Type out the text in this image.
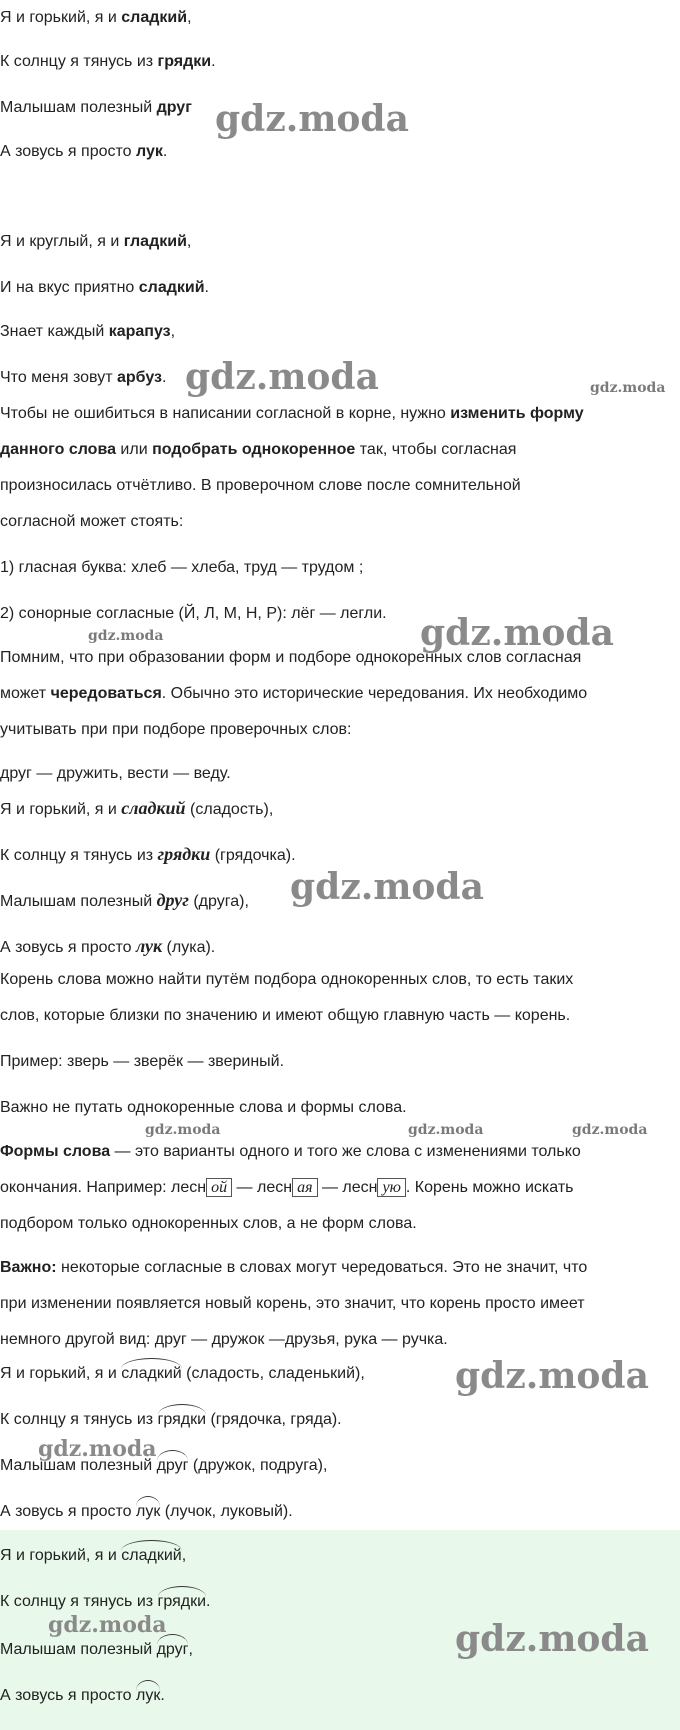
Я и горький, я и сладкий,
К солнцу я тянусь из грядки.
Малышам полезный друг
А зовусь я просто лук.
Я и круглый, я и гладкий,
И на вкус приятно сладкий.
Знает каждый карапуз,
Что меня зовут арбуз.
Чтобы не ошибиться в написании согласной в корне, нужно изменить форму
данного слова или подобрать однокоренное так, чтобы согласная
произносилась отчётливо. В проверочном слове после сомнительной
согласной может стоять:
1) гласная буква: хлеб — хлеба, труд — трудом ;
2) сонорные согласные (Й, Л, М, Н, Р): лёг — легли.
Помним, что при образовании форм и подборе однокоренных слов согласная
может чередоваться. Обычно это исторические чередования. Их необходимо
учитывать при при подборе проверочных слов:
друг — дружить, вести — веду.
Я и горький, я и сладкий (сладость),
К солнцу я тянусь из грядки (грядочка).
Малышам полезный друг (друга),
А зовусь я просто лук (лука).
Корень слова можно найти путём подбора однокоренных слов, то есть таких
слов, которые близки по значению и имеют общую главную часть — корень.
Пример: зверь — зверёк — звериный.
Важно не путать однокоренные слова и формы слова.
Формы слова — это варианты одного и того же слова с изменениями только
окончания. Например: лесн ой — лесн ая — лесн ую . Корень можно искать
подбором только однокоренных слов, а не форм слова.
Важно: некоторые согласные в словах могут чередоваться. Это не значит, что
при изменении появляется новый корень, это значит, что корень просто имеет
немного другой вид: друг — дружок —друзья, рука — ручка.
Я и горький, я и сладкий (сладость, сладенький),
К солнцу я тянусь из грядки (грядочка, гряда).
Малышам полезный друг (дружок, подруга),
А зовусь я просто лук (лучок, луковый).
Я и горький, я и сладкий,
К солнцу я тянусь из грядки.
Малышам полезный друг,
А зовусь я просто лук.
gdz.moda
gdz.moda	gdz.moda
gdz.moda
gdz.moda
gdz.moda
gdz.moda	gdz.moda	gdz.moda
gdz.moda
gdz.moda
gdz.moda	gdz.moda
